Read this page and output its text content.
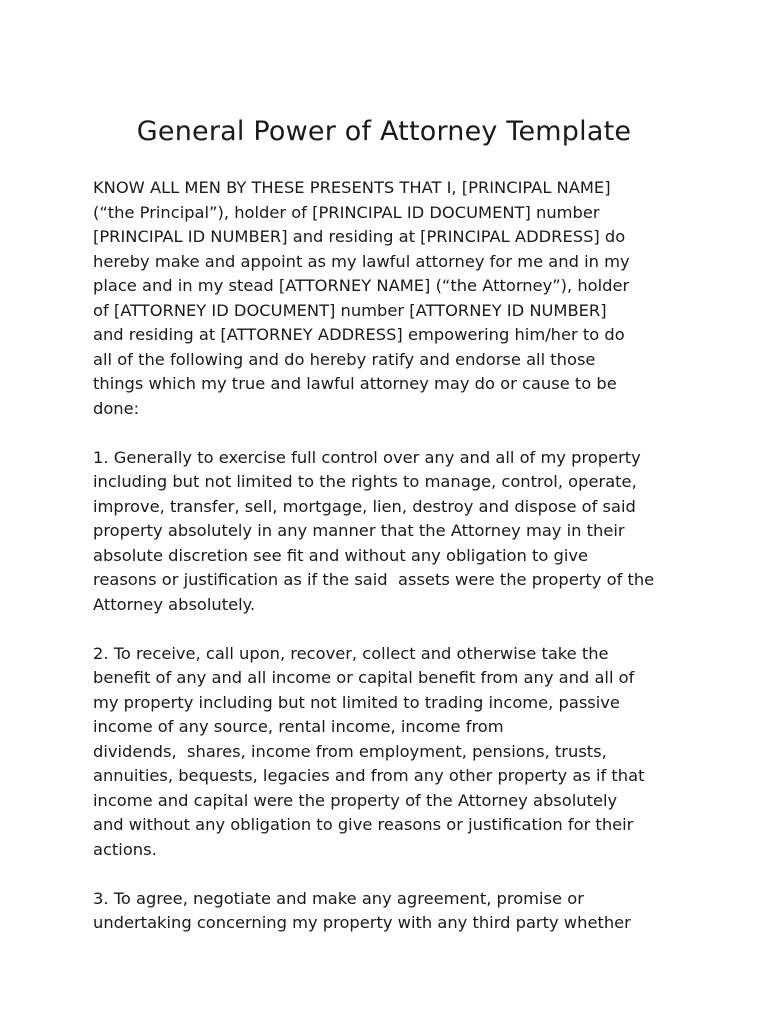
General Power of Attorney Template
KNOW ALL MEN BY THESE PRESENTS THAT I, [PRINCIPAL NAME]
(“the Principal”), holder of [PRINCIPAL ID DOCUMENT] number
[PRINCIPAL ID NUMBER] and residing at [PRINCIPAL ADDRESS] do
hereby make and appoint as my lawful attorney for me and in my
place and in my stead [ATTORNEY NAME] (“the Attorney”), holder
of [ATTORNEY ID DOCUMENT] number [ATTORNEY ID NUMBER]
and residing at [ATTORNEY ADDRESS] empowering him/her to do
all of the following and do hereby ratify and endorse all those
things which my true and lawful attorney may do or cause to be
done:
1. Generally to exercise full control over any and all of my property
including but not limited to the rights to manage, control, operate,
improve, transfer, sell, mortgage, lien, destroy and dispose of said
property absolutely in any manner that the Attorney may in their
absolute discretion see fit and without any obligation to give
reasons or justification as if the said  assets were the property of the
Attorney absolutely.
2. To receive, call upon, recover, collect and otherwise take the
benefit of any and all income or capital benefit from any and all of
my property including but not limited to trading income, passive
income of any source, rental income, income from
dividends,  shares, income from employment, pensions, trusts,
annuities, bequests, legacies and from any other property as if that
income and capital were the property of the Attorney absolutely
and without any obligation to give reasons or justification for their
actions.
3. To agree, negotiate and make any agreement, promise or
undertaking concerning my property with any third party whether
